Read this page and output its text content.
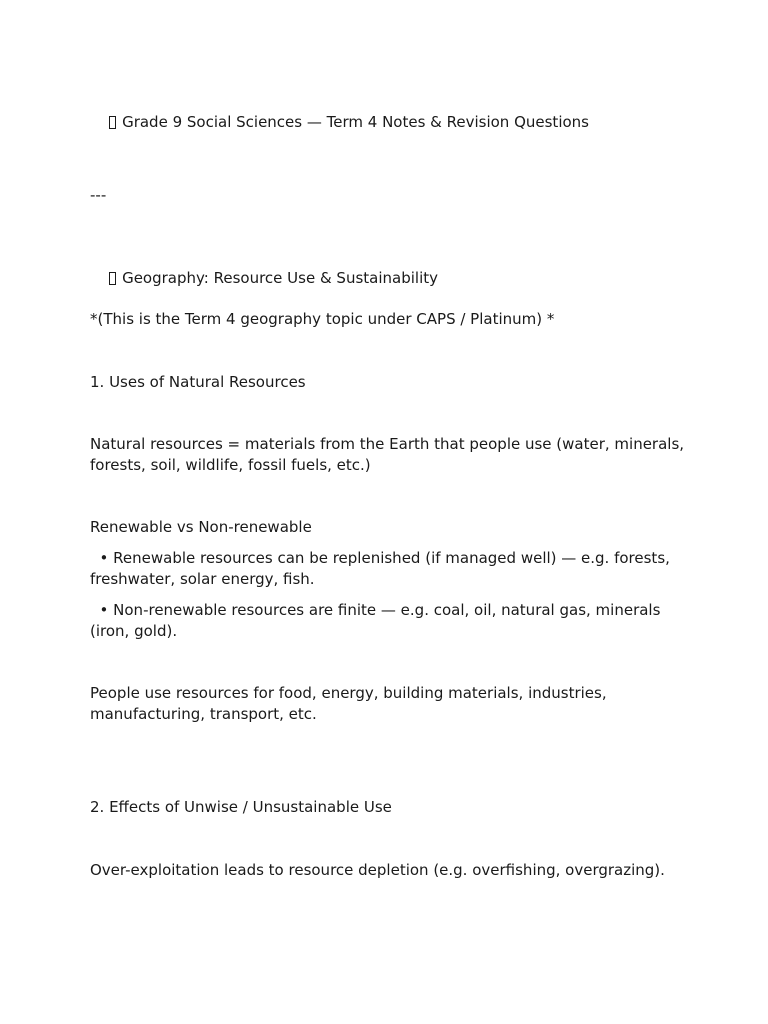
Grade 9 Social Sciences — Term 4 Notes & Revision Questions

---

Geography: Resource Use & Sustainability

*(This is the Term 4 geography topic under CAPS / Platinum) *
1. Uses of Natural Resources
Natural resources = materials from the Earth that people use (water, minerals, forests, soil, wildlife, fossil fuels, etc.)
Renewable vs Non-renewable
• Renewable resources can be replenished (if managed well) — e.g. forests, freshwater, solar energy, fish.
• Non-renewable resources are finite — e.g. coal, oil, natural gas, minerals (iron, gold).
People use resources for food, energy, building materials, industries, manufacturing, transport, etc.
2. Effects of Unwise / Unsustainable Use
Over-exploitation leads to resource depletion (e.g. overfishing, overgrazing).
